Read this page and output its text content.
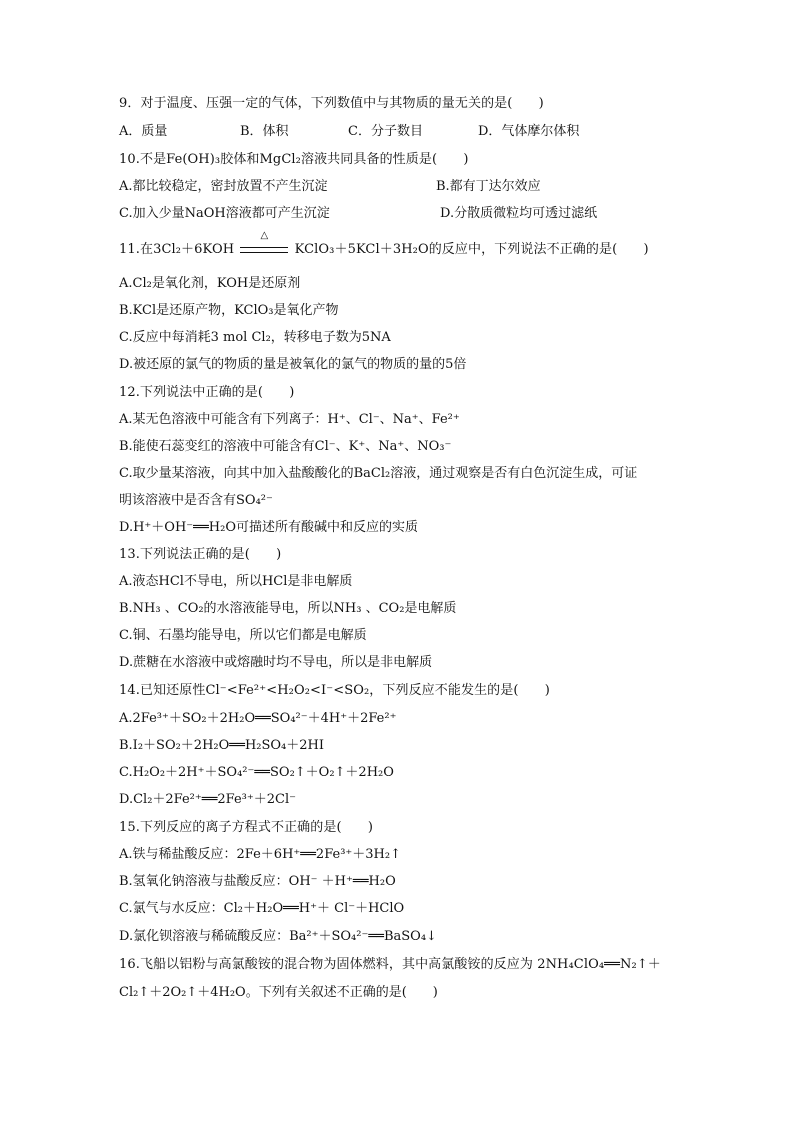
9．对于温度、压强一定的气体，下列数值中与其物质的量无关的是(　　)
A．质量	B．体积	C．分子数目	D．气体摩尔体积
10.不是Fe(OH)₃胶体和MgCl₂溶液共同具备的性质是(　　)
A.都比较稳定，密封放置不产生沉淀	B.都有丁达尔效应
C.加入少量NaOH溶液都可产生沉淀	D.分散质微粒均可透过滤纸
11.在3Cl₂＋6KOH
△
KClO₃＋5KCl＋3H₂O的反应中，下列说法不正确的是(　　)
A.Cl₂是氧化剂，KOH是还原剂
B.KCl是还原产物，KClO₃是氧化产物
C.反应中每消耗3 mol Cl₂，转移电子数为5NA
D.被还原的氯气的物质的量是被氧化的氯气的物质的量的5倍
12.下列说法中正确的是(　　)
A.某无色溶液中可能含有下列离子：H⁺、Cl⁻、Na⁺、Fe²⁺
B.能使石蕊变红的溶液中可能含有Cl⁻、K⁺、Na⁺、NO₃⁻
C.取少量某溶液，向其中加入盐酸酸化的BaCl₂溶液，通过观察是否有白色沉淀生成，可证
明该溶液中是否含有SO₄²⁻
D.H⁺＋OH⁻══H₂O可描述所有酸碱中和反应的实质
13.下列说法正确的是(　　)
A.液态HCl不导电，所以HCl是非电解质
B.NH₃ 、CO₂的水溶液能导电，所以NH₃ 、CO₂是电解质
C.铜、石墨均能导电，所以它们都是电解质
D.蔗糖在水溶液中或熔融时均不导电，所以是非电解质
14.已知还原性Cl⁻<Fe²⁺<H₂O₂<I⁻<SO₂，下列反应不能发生的是(　　)
A.2Fe³⁺＋SO₂＋2H₂O══SO₄²⁻＋4H⁺＋2Fe²⁺
B.I₂＋SO₂＋2H₂O══H₂SO₄＋2HI
C.H₂O₂＋2H⁺＋SO₄²⁻══SO₂↑＋O₂↑＋2H₂O
D.Cl₂＋2Fe²⁺══2Fe³⁺＋2Cl⁻
15.下列反应的离子方程式不正确的是(　　)
A.铁与稀盐酸反应：2Fe＋6H⁺══2Fe³⁺＋3H₂↑
B.氢氧化钠溶液与盐酸反应：OH⁻ ＋H⁺══H₂O
C.氯气与水反应：Cl₂＋H₂O══H⁺＋ Cl⁻＋HClO
D.氯化钡溶液与稀硫酸反应：Ba²⁺＋SO₄²⁻══BaSO₄↓
16.飞船以铝粉与高氯酸铵的混合物为固体燃料，其中高氯酸铵的反应为 2NH₄ClO₄══N₂↑＋
Cl₂↑＋2O₂↑＋4H₂O。下列有关叙述不正确的是(　　)
